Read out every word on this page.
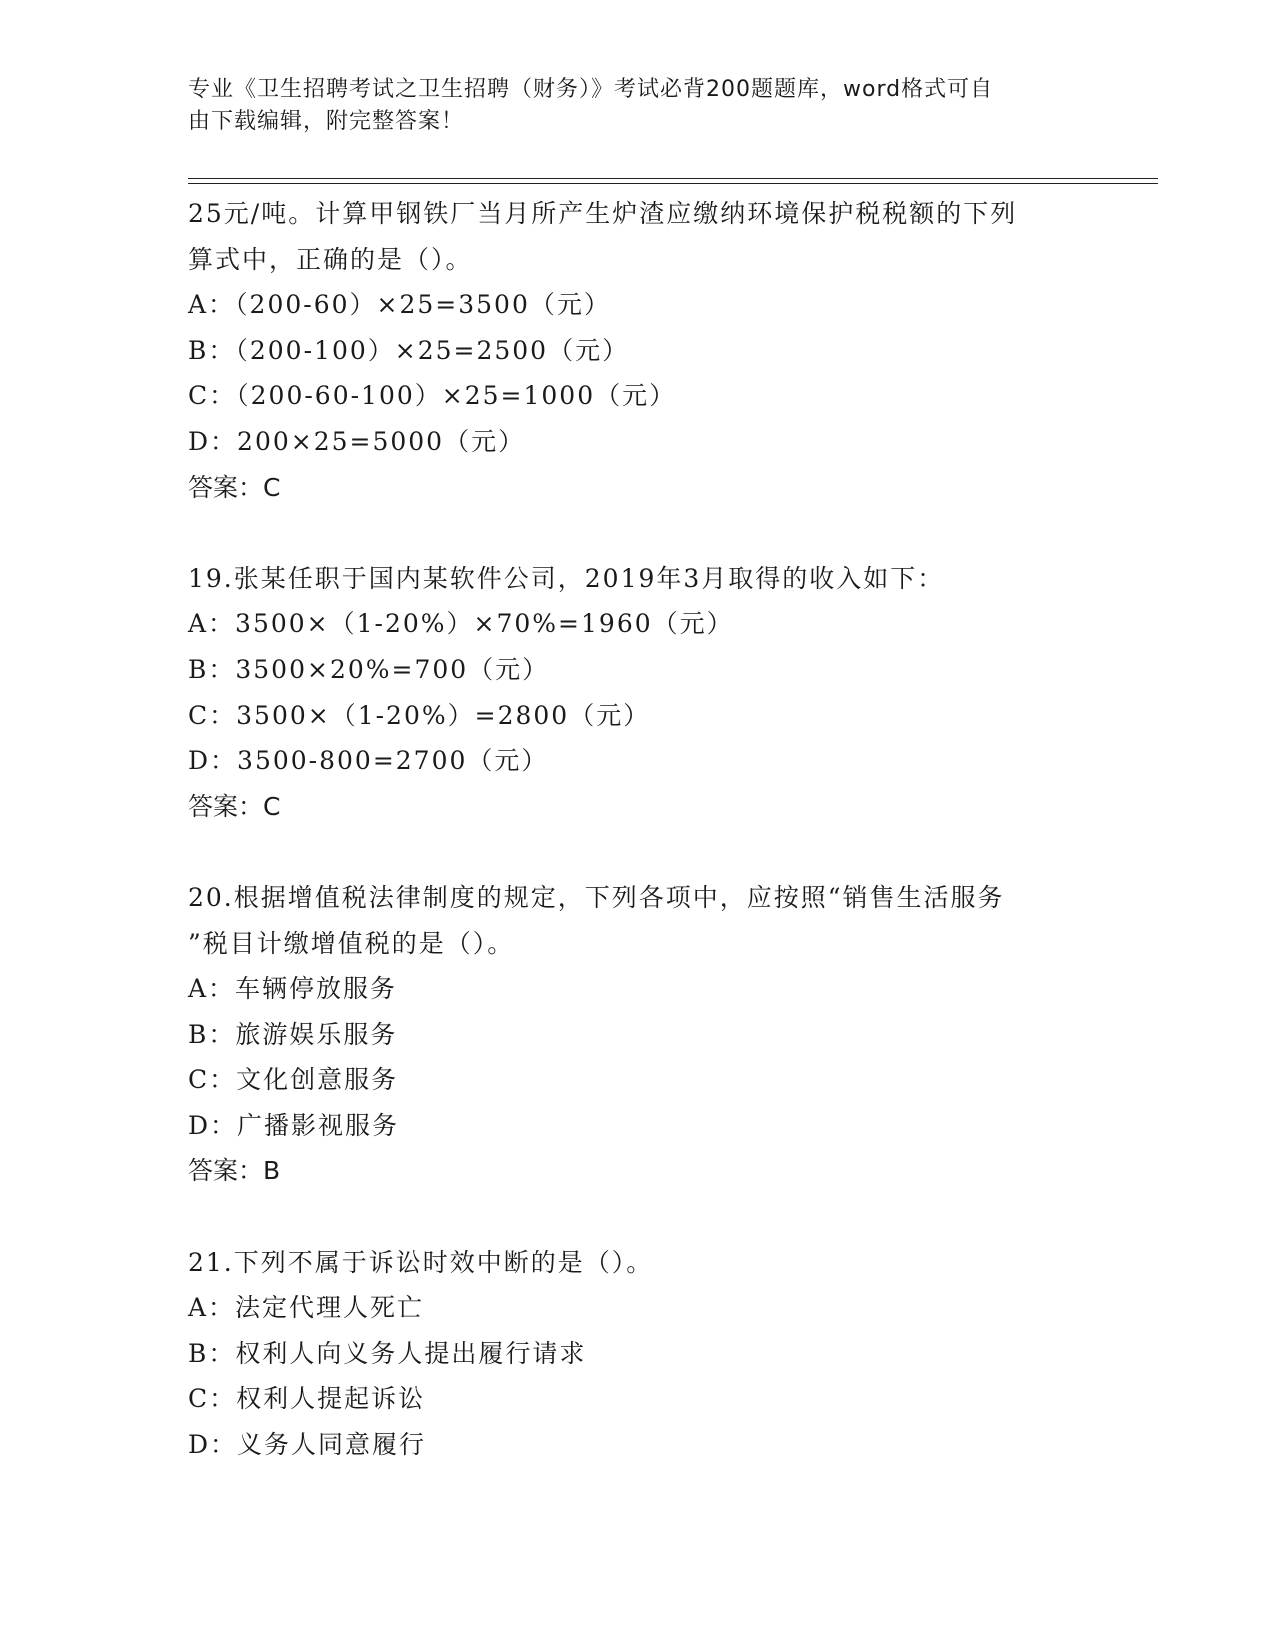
专业《卫生招聘考试之卫生招聘（财务）》考试必背200题题库，word格式可自
由下载编辑，附完整答案！
25元/吨。计算甲钢铁厂当月所产生炉渣应缴纳环境保护税税额的下列
算式中，正确的是（）。
A：（200-60）×25=3500（元）
B：（200-100）×25=2500（元）
C：（200-60-100）×25=1000（元）
D：200×25=5000（元）
答案：C
19.张某任职于国内某软件公司，2019年3月取得的收入如下：
A：3500×（1-20%）×70%=1960（元）
B：3500×20%=700（元）
C：3500×（1-20%）=2800（元）
D：3500-800=2700（元）
答案：C
20.根据增值税法律制度的规定，下列各项中，应按照“销售生活服务
”税目计缴增值税的是（）。
A：车辆停放服务
B：旅游娱乐服务
C：文化创意服务
D：广播影视服务
答案：B
21.下列不属于诉讼时效中断的是（）。
A：法定代理人死亡
B：权利人向义务人提出履行请求
C：权利人提起诉讼
D：义务人同意履行
